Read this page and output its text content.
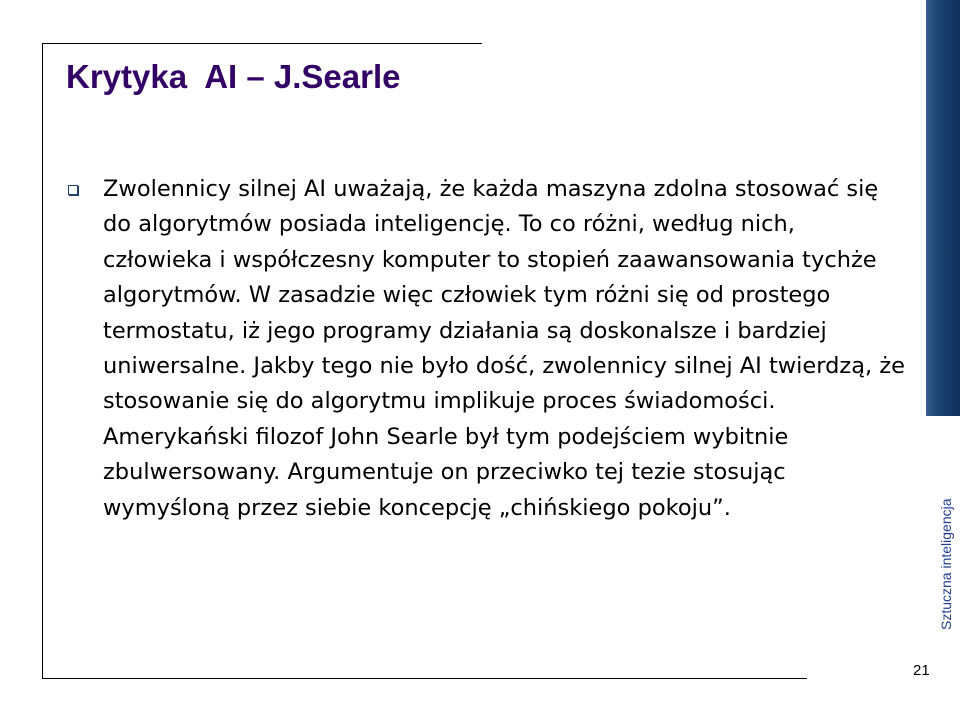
Krytyka  AI – J.Searle
Zwolennicy silnej AI uważają, że każda maszyna zdolna stosować się do algorytmów posiada inteligencję. To co różni, według nich, człowieka i współczesny komputer to stopień zaawansowania tychże algorytmów. W zasadzie więc człowiek tym różni się od prostego termostatu, iż jego programy działania są doskonalsze i bardziej uniwersalne. Jakby tego nie było dość, zwolennicy silnej AI twierdzą, że stosowanie się do algorytmu implikuje proces świadomości. Amerykański filozof John Searle był tym podejściem wybitnie zbulwersowany. Argumentuje on przeciwko tej tezie stosując wymyśloną przez siebie koncepcję „chińskiego pokoju”.	Sztuczna inteligencja
21
